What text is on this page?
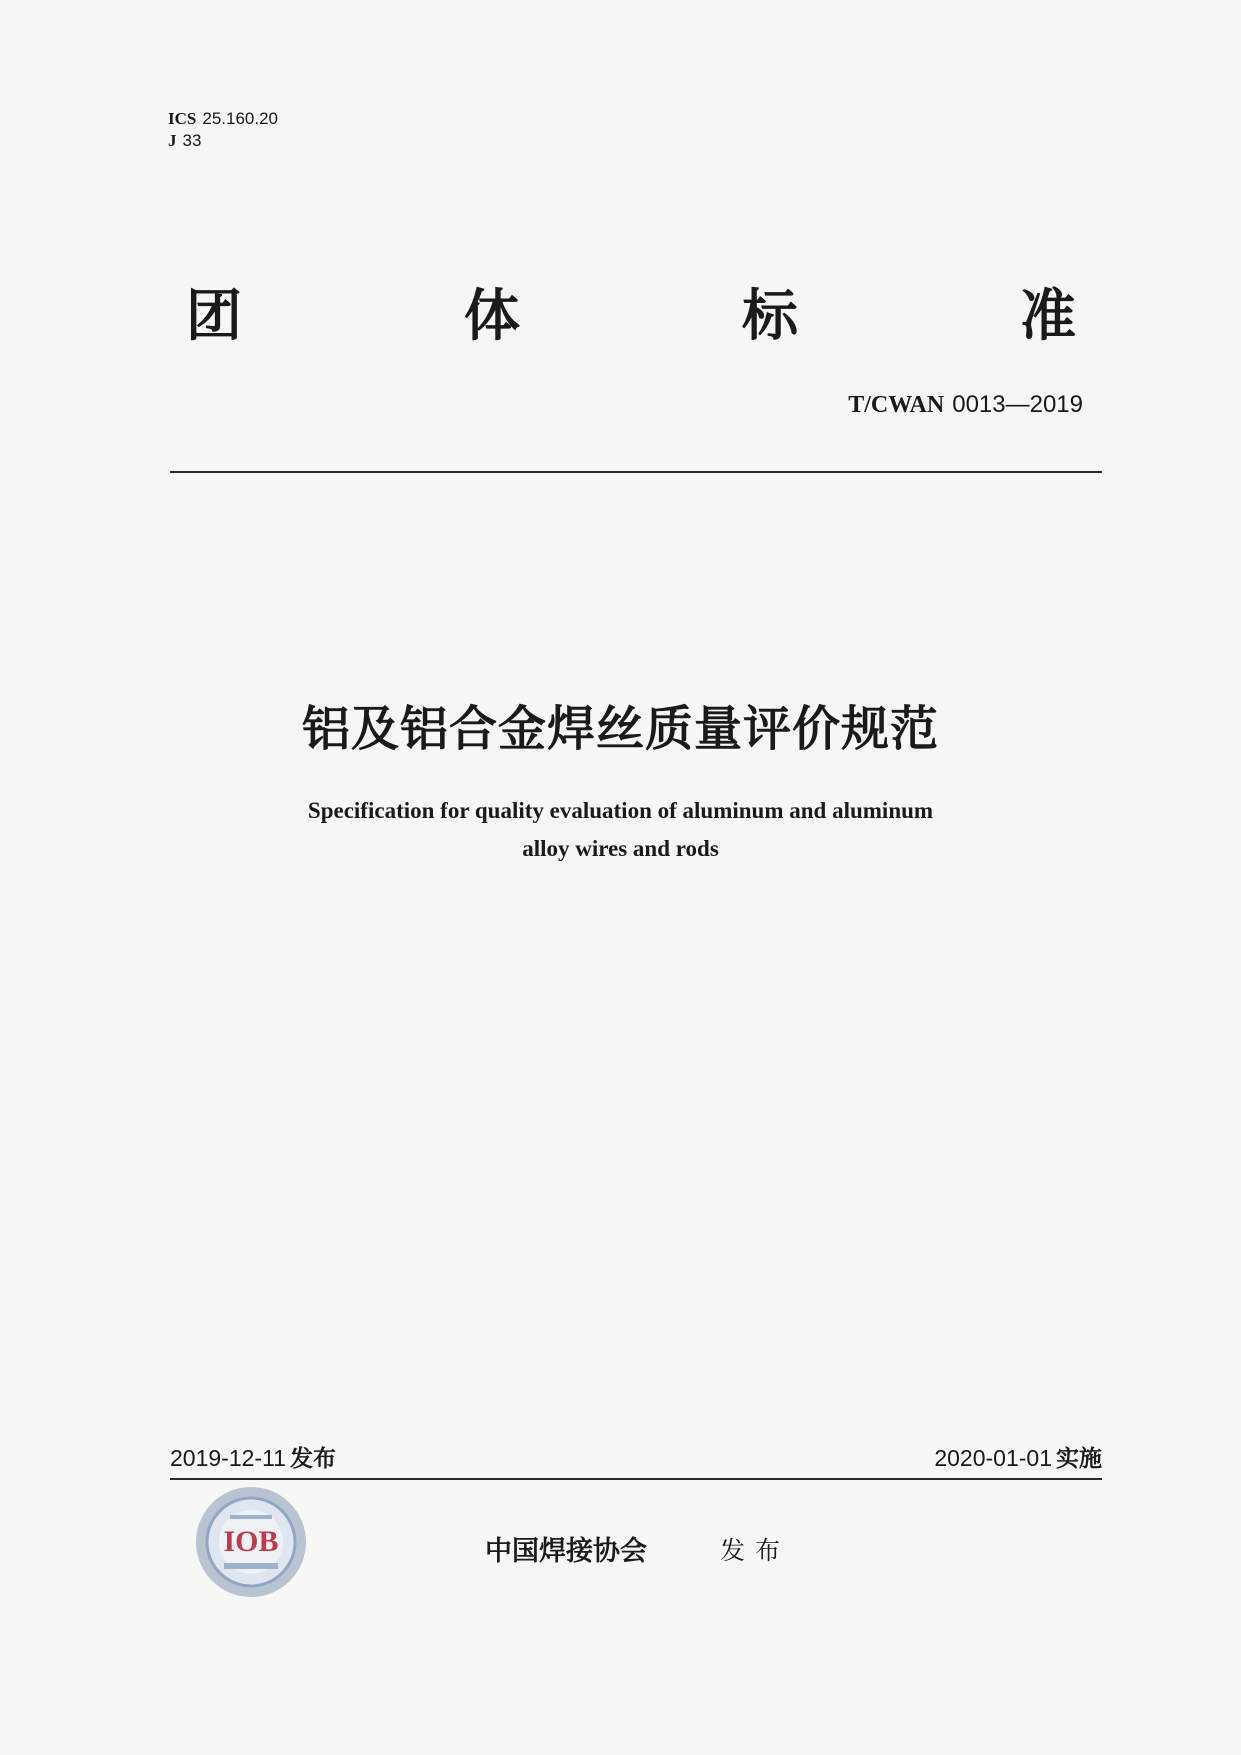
ICS 25.160.20
J 33
团	体	标	准
T/CWAN 0013—2019
铝及铝合金焊丝质量评价规范
Specification for quality evaluation of aluminum and aluminum
alloy wires and rods
2019-12-11 发布	2020-01-01 实施
IOB	中国焊接协会	发布
